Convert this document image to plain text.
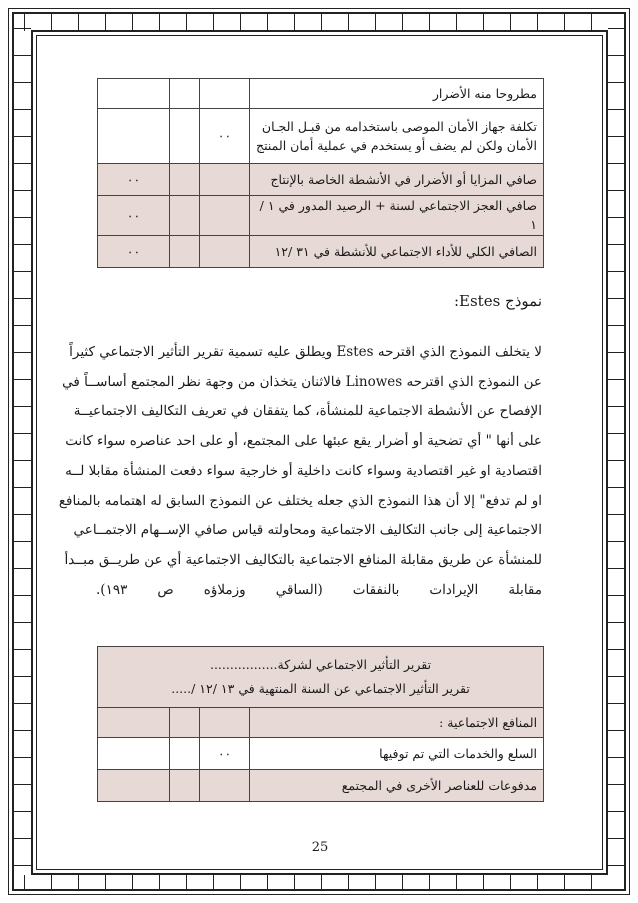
مطروحا منه الأضرار			
تكلفة جهاز الأمان الموصى باستخدامه من قبـل الجـان الأمان ولكن لم يضف أو يستخدم في عملية أمان المنتج	٠٠		
صافي المزايا أو الأضرار في الأنشطة الخاصة بالإنتاج			٠٠
صافي العجز الاجتماعي لسنة + الرصيد المدور في ١ / ١			٠٠
الصافي الكلي للأداء الاجتماعي للأنشطة في ٣١ /١٢			٠٠
نموذج Estes:
لا يتخلف النموذج الذي اقترحه Estes ويطلق عليه تسمية تقرير التأثير الاجتماعي كثيراً
عن النموذج الذي اقترحه Linowes فالاثنان يتخذان من وجهة نظر المجتمع أساســاً في
الإفصاح عن الأنشطة الاجتماعية للمنشأة، كما يتفقان في تعريف التكاليف الاجتماعيــة
على أنها " أي تضحية أو أضرار يقع عبئها على المجتمع، أو على احد عناصره سواء كانت
اقتصادية او غير اقتصادية وسواء كانت داخلية أو خارجية سواء دفعت المنشأة مقابلا لــه
او لم تدفع" إلا أن هذا النموذج الذي جعله يختلف عن النموذج السابق له اهتمامه بالمنافع
الاجتماعية إلى جانب التكاليف الاجتماعية ومحاولته قياس صافي الإســهام الاجتمــاعي
للمنشأة عن طريق مقابلة المنافع الاجتماعية بالتكاليف الاجتماعية أي عن طريــق مبــدأ
مقابلة الإيرادات بالنفقات (الساقي وزملاؤه ص ١٩٣).
تقرير التأثير الاجتماعي لشركة.................
تقرير التأثير الاجتماعي عن السنة المنتهية في ١٣ /١٢ /.....			

المنافع الاجتماعية :			
السلع والخدمات التي تم توفيها	٠٠		
مدفوعات للعناصر الأخرى في المجتمع			
25
